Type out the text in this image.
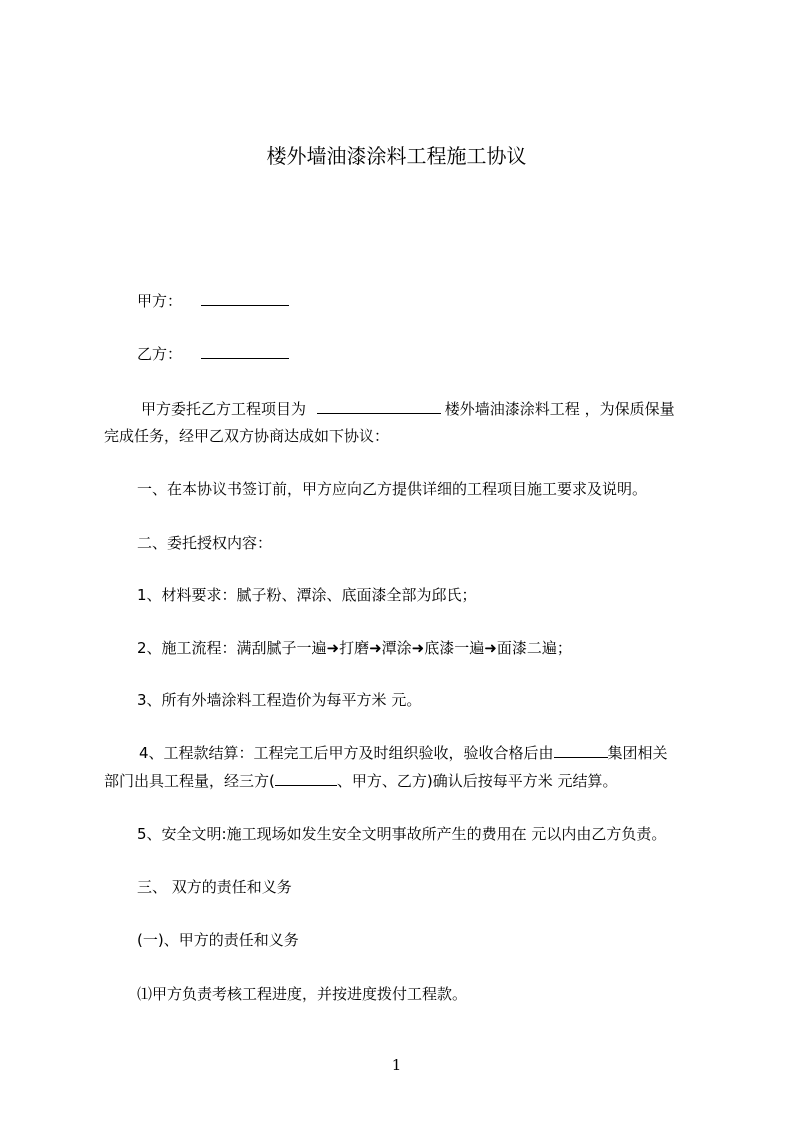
楼外墙油漆涂料工程施工协议

甲方：

乙方：

甲方委托乙方工程项目为	楼外墙油漆涂料工程 ，为保质保量

完成任务，经甲乙双方协商达成如下协议：

一、在本协议书签订前，甲方应向乙方提供详细的工程项目施工要求及说明。

二、委托授权内容：

1、材料要求：腻子粉、潭涂、底面漆全部为邱氏；

2、施工流程：满刮腻子一遍➜打磨➜潭涂➜底漆一遍➜面漆二遍；

3、所有外墙涂料工程造价为每平方米 元。

4、工程款结算：工程完工后甲方及时组织验收，验收合格后由	集团相关

部门出具工程量，经三方(	、甲方、乙方)确认后按每平方米 元结算。

5、安全文明:施工现场如发生安全文明事故所产生的费用在 元以内由乙方负责。

三、 双方的责任和义务

(一)、甲方的责任和义务

⑴甲方负责考核工程进度，并按进度拨付工程款。

1
